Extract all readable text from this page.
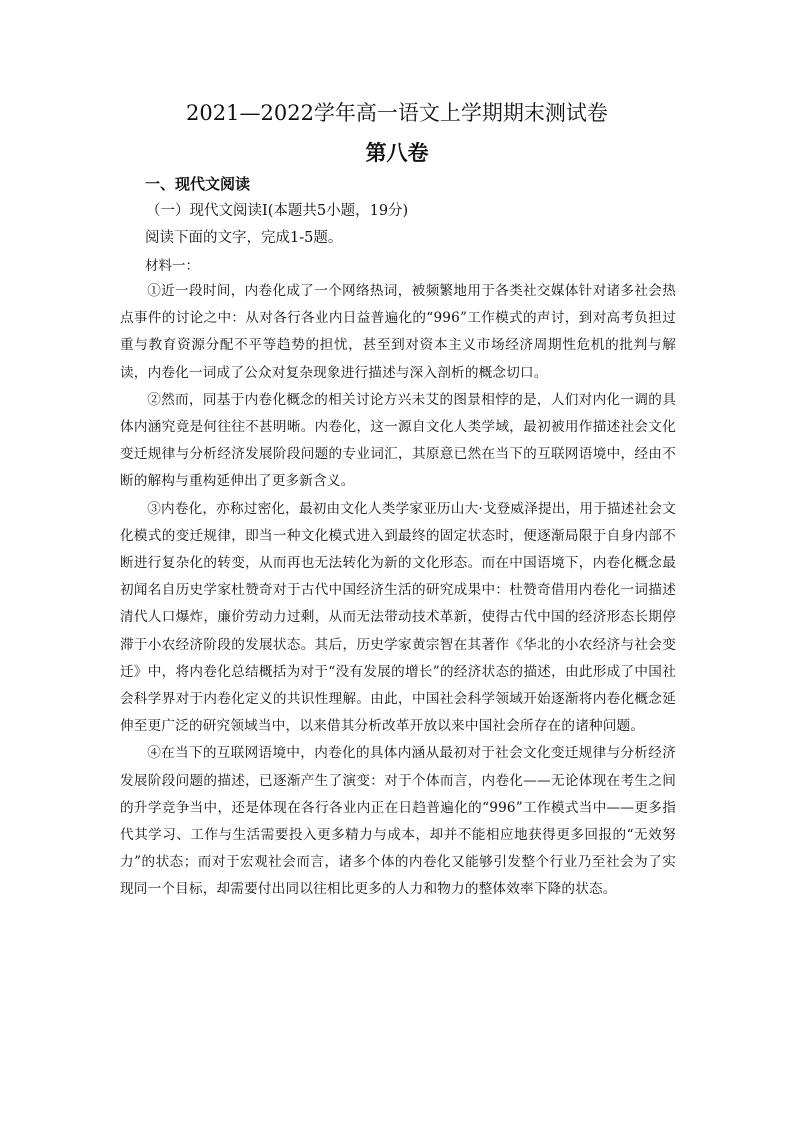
2021—2022学年高一语文上学期期末测试卷
第八卷
一、现代文阅读
（一）现代文阅读Ⅰ(本题共5小题，19分)
阅读下面的文字，完成1-5题。
材料一：

①近一段时间，内卷化成了一个网络热词，被频繁地用于各类社交媒体针对诸多社会热点事件的讨论之中：从对各行各业内日益普遍化的“996”工作模式的声讨，到对高考负担过重与教育资源分配不平等趋势的担忧，甚至到对资本主义市场经济周期性危机的批判与解读，内卷化一词成了公众对复杂现象进行描述与深入剖析的概念切口。

②然而，同基于内卷化概念的相关讨论方兴未艾的图景相悖的是，人们对内化一调的具体内涵究竟是何往往不甚明晰。内卷化，这一源自文化人类学域，最初被用作描述社会文化变迁规律与分析经济发展阶段问题的专业词汇，其原意已然在当下的互联网语境中，经由不断的解构与重构延伸出了更多新含义。

③内卷化，亦称过密化，最初由文化人类学家亚历山大·戈登威泽提出，用于描述社会文化模式的变迁规律，即当一种文化模式进入到最终的固定状态时，便逐渐局限于自身内部不断进行复杂化的转变，从而再也无法转化为新的文化形态。而在中国语境下，内卷化概念最初闻名自历史学家杜赞奇对于古代中国经济生活的研究成果中：杜赞奇借用内卷化一词描述清代人口爆炸，廉价劳动力过剩，从而无法带动技术革新，使得古代中国的经济形态长期停滞于小农经济阶段的发展状态。其后，历史学家黄宗智在其著作《华北的小农经济与社会变迁》中，将内卷化总结概括为对于“没有发展的增长”的经济状态的描述，由此形成了中国社会科学界对于内卷化定义的共识性理解。由此，中国社会科学领域开始逐渐将内卷化概念延伸至更广泛的研究领域当中，以来借其分析改革开放以来中国社会所存在的诸种问题。

④在当下的互联网语境中，内卷化的具体内涵从最初对于社会文化变迁规律与分析经济发展阶段问题的描述，已逐渐产生了演变：对于个体而言，内卷化——无论体现在考生之间的升学竞争当中，还是体现在各行各业内正在日趋普遍化的“996”工作模式当中——更多指代其学习、工作与生活需要投入更多精力与成本，却并不能相应地获得更多回报的“无效努力”的状态；而对于宏观社会而言，诸多个体的内卷化又能够引发整个行业乃至社会为了实现同一个目标，却需要付出同以往相比更多的人力和物力的整体效率下降的状态。
